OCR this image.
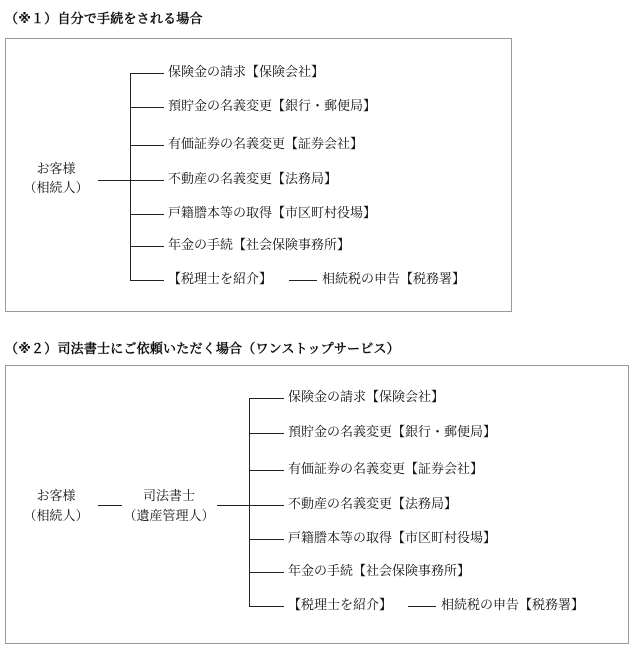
（※１）自分で手続をされる場合
お客様
（相続人）
保険金の請求【保険会社】
預貯金の名義変更【銀行・郵便局】
有価証券の名義変更【証券会社】
不動産の名義変更【法務局】
戸籍謄本等の取得【市区町村役場】
年金の手続【社会保険事務所】
【税理士を紹介】	相続税の申告【税務署】
（※２）司法書士にご依頼いただく場合（ワンストップサービス）
お客様
（相続人）
司法書士
（遺産管理人）
保険金の請求【保険会社】
預貯金の名義変更【銀行・郵便局】
有価証券の名義変更【証券会社】
不動産の名義変更【法務局】
戸籍謄本等の取得【市区町村役場】
年金の手続【社会保険事務所】
【税理士を紹介】	相続税の申告【税務署】
